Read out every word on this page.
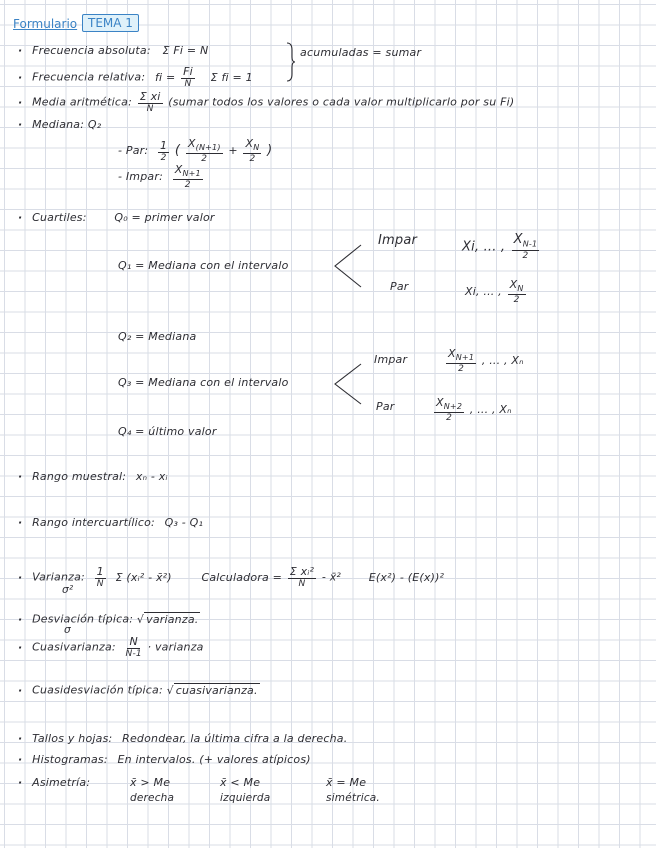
Formulario TEMA 1
· Frecuencia absoluta: Σ Fi = N
· Frecuencia relativa: fi = $\frac{Fi}{N}$ Σ fi = 1
acumuladas = sumar
· Media aritmética: $\frac{\text{Σ xi}}{N}$ (sumar todos los valores o cada valor multiplicarlo por su Fi)
· Mediana: Q₂
- Par: $\frac{1}{2}$ ( $\frac{X_{(N+1)}}{2} + \frac{X_N}{2}$ )
- Impar: $\frac{X_{N+1}}{2}$
· Cuartiles:	Q₀ = primer valor
Q₁ = Mediana con el intervalo
Impar	Xi, ... , $\frac{X_{N-1}}{2}$
Par	Xi, ... , $\frac{X_N}{2}$
Q₂ = Mediana
Q₃ = Mediana con el intervalo
Impar	$\frac{X_{N+1}}{2}$ , ... , Xₙ
Par	$\frac{X_{N+2}}{2}$ , ... , Xₙ
Q₄ = último valor
· Rango muestral: xₙ - xᵢ
· Rango intercuartílico: Q₃ - Q₁
· Varianza: $\frac{1}{N}$ Σ (xᵢ² - x̄²)	Calculadora = $\frac{\text{Σ xᵢ²}}{N}$ - x̄²	E(x²) - (E(x))²
σ²
· Desviación típica: √ varianza.
σ
· Cuasivarianza: $\frac{N}{N-1}$ · varianza
· Cuasidesviación típica: √ cuasivarianza.
· Tallos y hojas: Redondear, la última cifra a la derecha.
· Histogramas: En intervalos. (+ valores atípicos)
· Asimetría:	x̄ > Me
derecha
x̄ < Me
izquierda
x̄ = Me
simétrica.
